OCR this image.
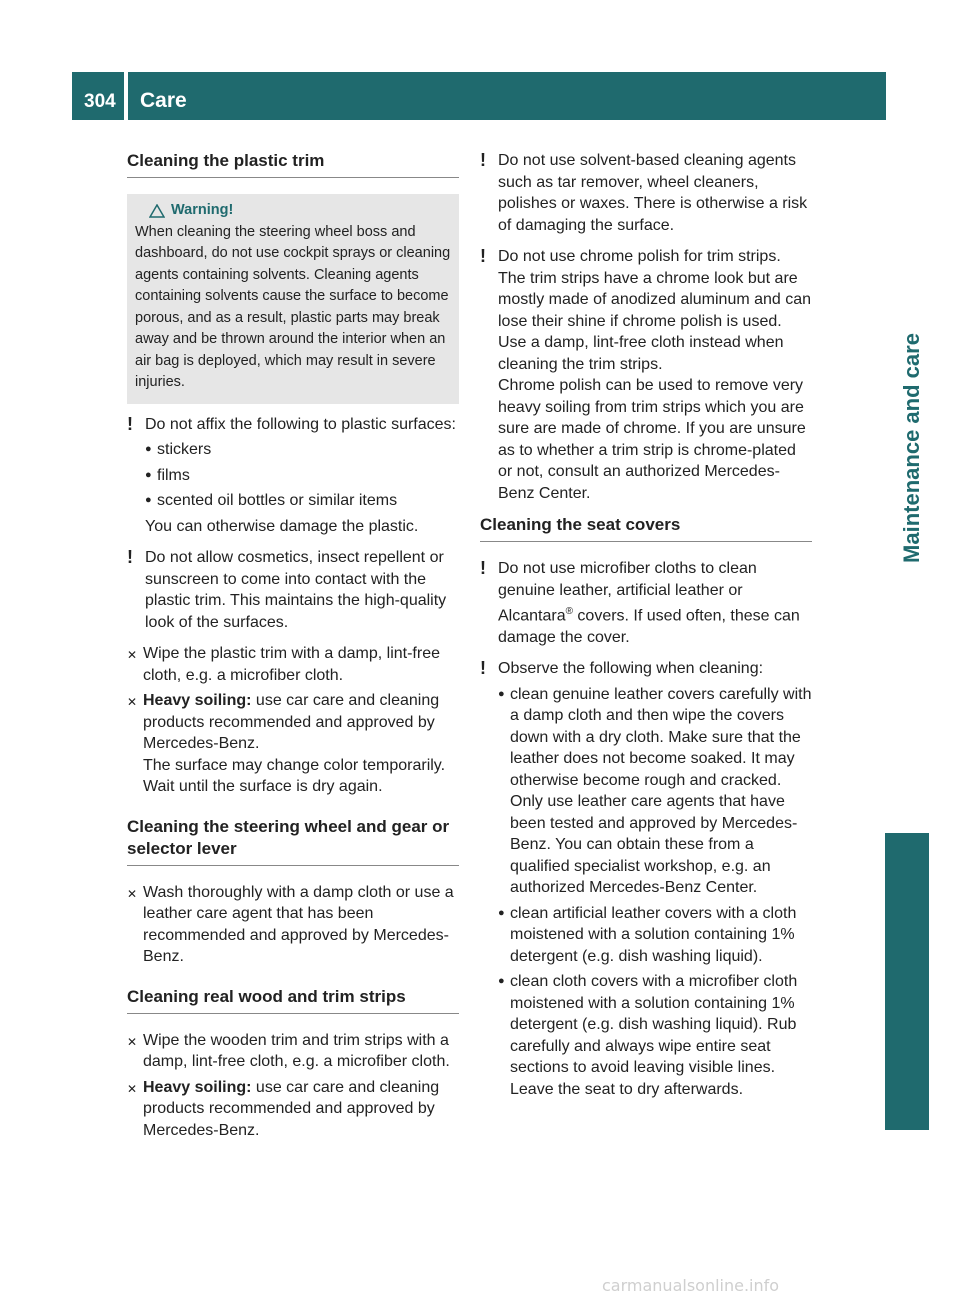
304	Care
Maintenance and care
Cleaning the plastic trim
Warning!
When cleaning the steering wheel boss and dashboard, do not use cockpit sprays or cleaning agents containing solvents. Cleaning agents containing solvents cause the surface to become porous, and as a result, plastic parts may break away and be thrown around the interior when an air bag is deployed, which may result in severe injuries.
! Do not affix the following to plastic surfaces:

● stickers
● films
● scented oil bottles or similar items

You can otherwise damage the plastic.

! Do not allow cosmetics, insect repellent or sunscreen to come into contact with the plastic trim. This maintains the high-quality look of the surfaces.
✕ Wipe the plastic trim with a damp, lint-free cloth, e.g. a microfiber cloth.
✕ Heavy soiling: use car care and cleaning products recommended and approved by Mercedes-Benz.
The surface may change color temporarily. Wait until the surface is dry again.
Cleaning the steering wheel and gear or selector lever
✕ Wash thoroughly with a damp cloth or use a leather care agent that has been recommended and approved by Mercedes-Benz.
Cleaning real wood and trim strips
✕ Wipe the wooden trim and trim strips with a damp, lint-free cloth, e.g. a microfiber cloth.
✕ Heavy soiling: use car care and cleaning products recommended and approved by Mercedes-Benz.
! Do not use solvent-based cleaning agents such as tar remover, wheel cleaners, polishes or waxes. There is otherwise a risk of damaging the surface.
! Do not use chrome polish for trim strips. The trim strips have a chrome look but are mostly made of anodized aluminum and can lose their shine if chrome polish is used. Use a damp, lint-free cloth instead when cleaning the trim strips.

Chrome polish can be used to remove very heavy soiling from trim strips which you are sure are made of chrome. If you are unsure as to whether a trim strip is chrome-plated or not, consult an authorized Mercedes-Benz Center.

Cleaning the seat covers
! Do not use microfiber cloths to clean genuine leather, artificial leather or Alcantara® covers. If used often, these can damage the cover.
! Observe the following when cleaning:

● clean genuine leather covers carefully with a damp cloth and then wipe the covers down with a dry cloth. Make sure that the leather does not become soaked. It may otherwise become rough and cracked. Only use leather care agents that have been tested and approved by Mercedes-Benz. You can obtain these from a qualified specialist workshop, e.g. an authorized Mercedes-Benz Center.
● clean artificial leather covers with a cloth moistened with a solution containing 1% detergent (e.g. dish washing liquid).
● clean cloth covers with a microfiber cloth moistened with a solution containing 1% detergent (e.g. dish washing liquid). Rub carefully and always wipe entire seat sections to avoid leaving visible lines. Leave the seat to dry afterwards.
carmanualsonline.info
